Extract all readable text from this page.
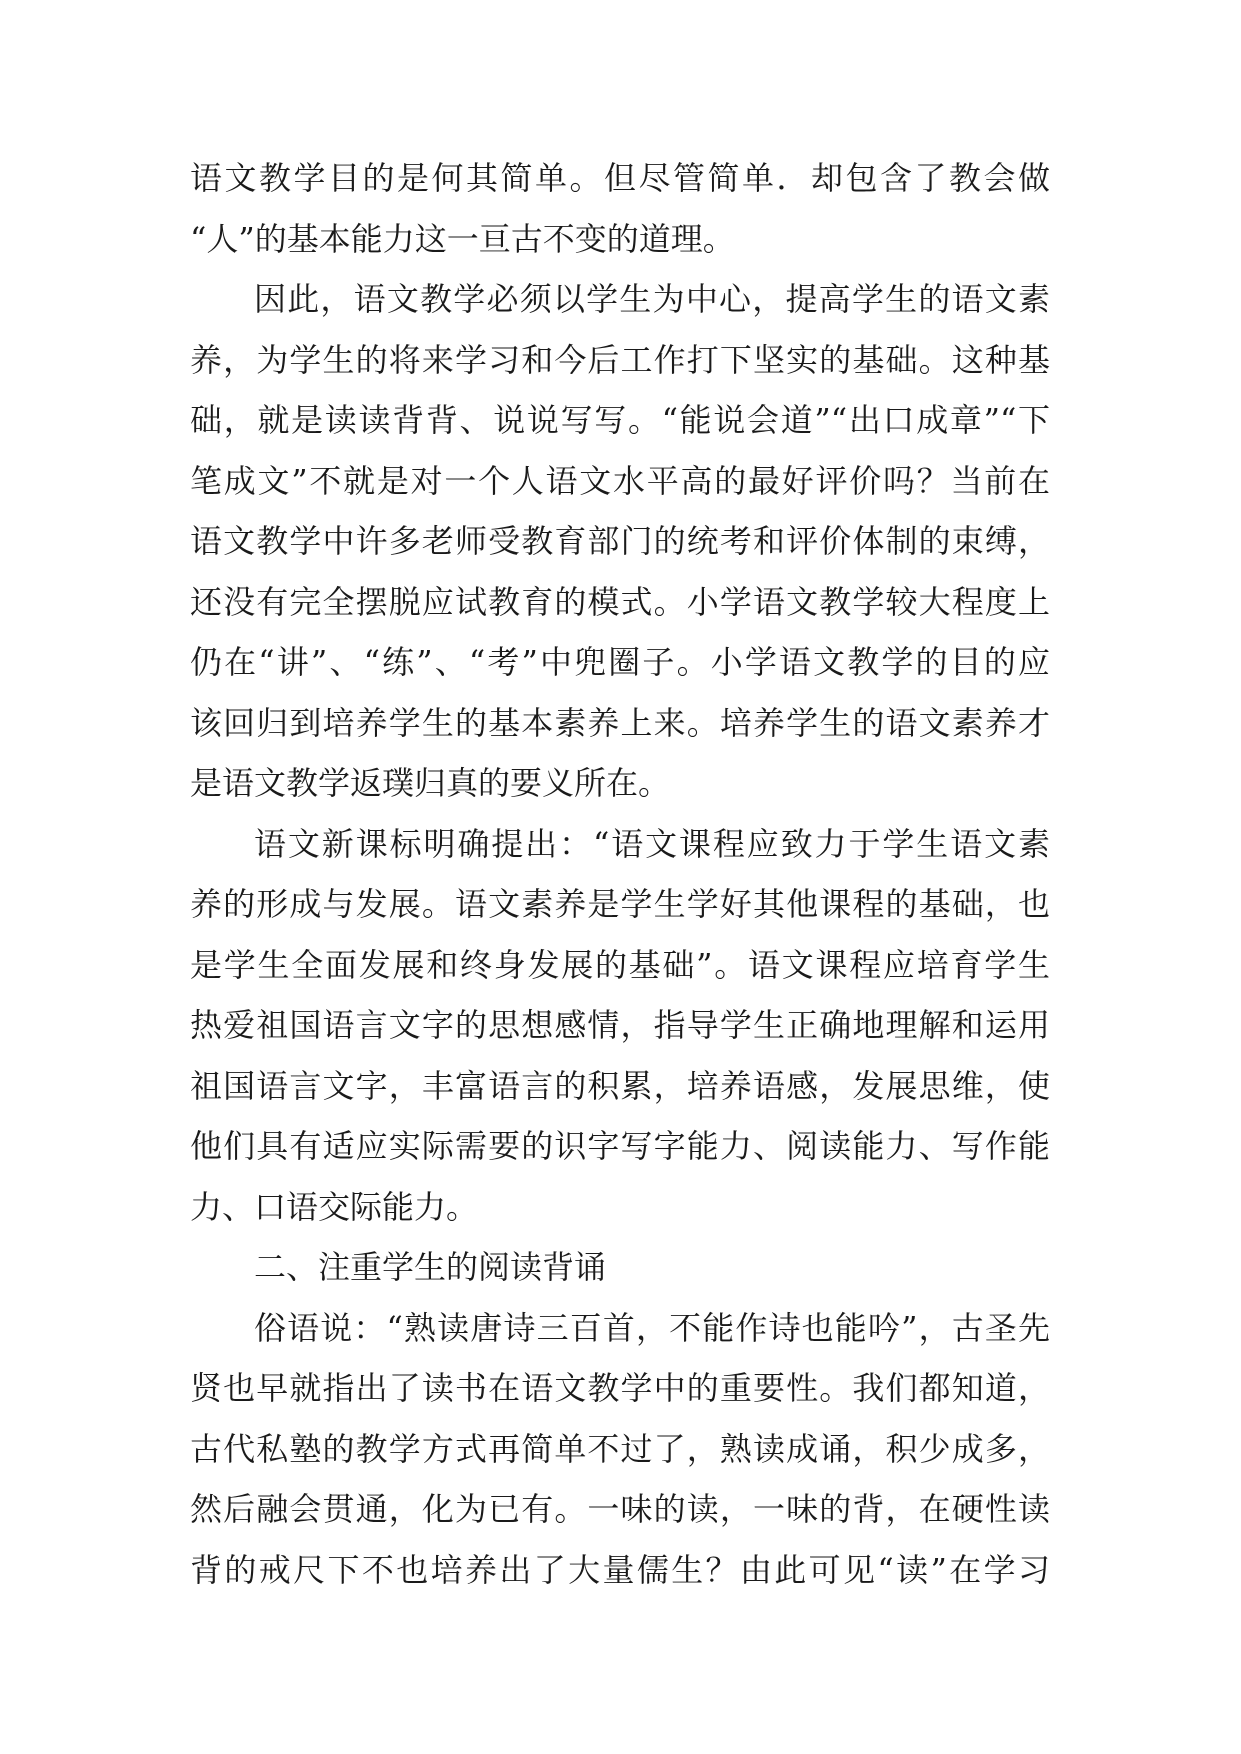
语文教学目的是何其简单。但尽管简单．却包含了教会做
“人”的基本能力这一亘古不变的道理。
因此，语文教学必须以学生为中心，提高学生的语文素
养，为学生的将来学习和今后工作打下坚实的基础。这种基
础，就是读读背背、说说写写。“能说会道”“出口成章”“下
笔成文”不就是对一个人语文水平高的最好评价吗？当前在
语文教学中许多老师受教育部门的统考和评价体制的束缚，
还没有完全摆脱应试教育的模式。小学语文教学较大程度上
仍在“讲”、“练”、“考”中兜圈子。小学语文教学的目的应
该回归到培养学生的基本素养上来。培养学生的语文素养才
是语文教学返璞归真的要义所在。
语文新课标明确提出：“语文课程应致力于学生语文素
养的形成与发展。语文素养是学生学好其他课程的基础，也
是学生全面发展和终身发展的基础”。语文课程应培育学生
热爱祖国语言文字的思想感情，指导学生正确地理解和运用
祖国语言文字，丰富语言的积累，培养语感，发展思维，使
他们具有适应实际需要的识字写字能力、阅读能力、写作能
力、口语交际能力。
二、注重学生的阅读背诵
俗语说：“熟读唐诗三百首，不能作诗也能吟”，古圣先
贤也早就指出了读书在语文教学中的重要性。我们都知道，
古代私塾的教学方式再简单不过了，熟读成诵，积少成多，
然后融会贯通，化为已有。一味的读，一味的背，在硬性读
背的戒尺下不也培养出了大量儒生？由此可见“读”在学习
